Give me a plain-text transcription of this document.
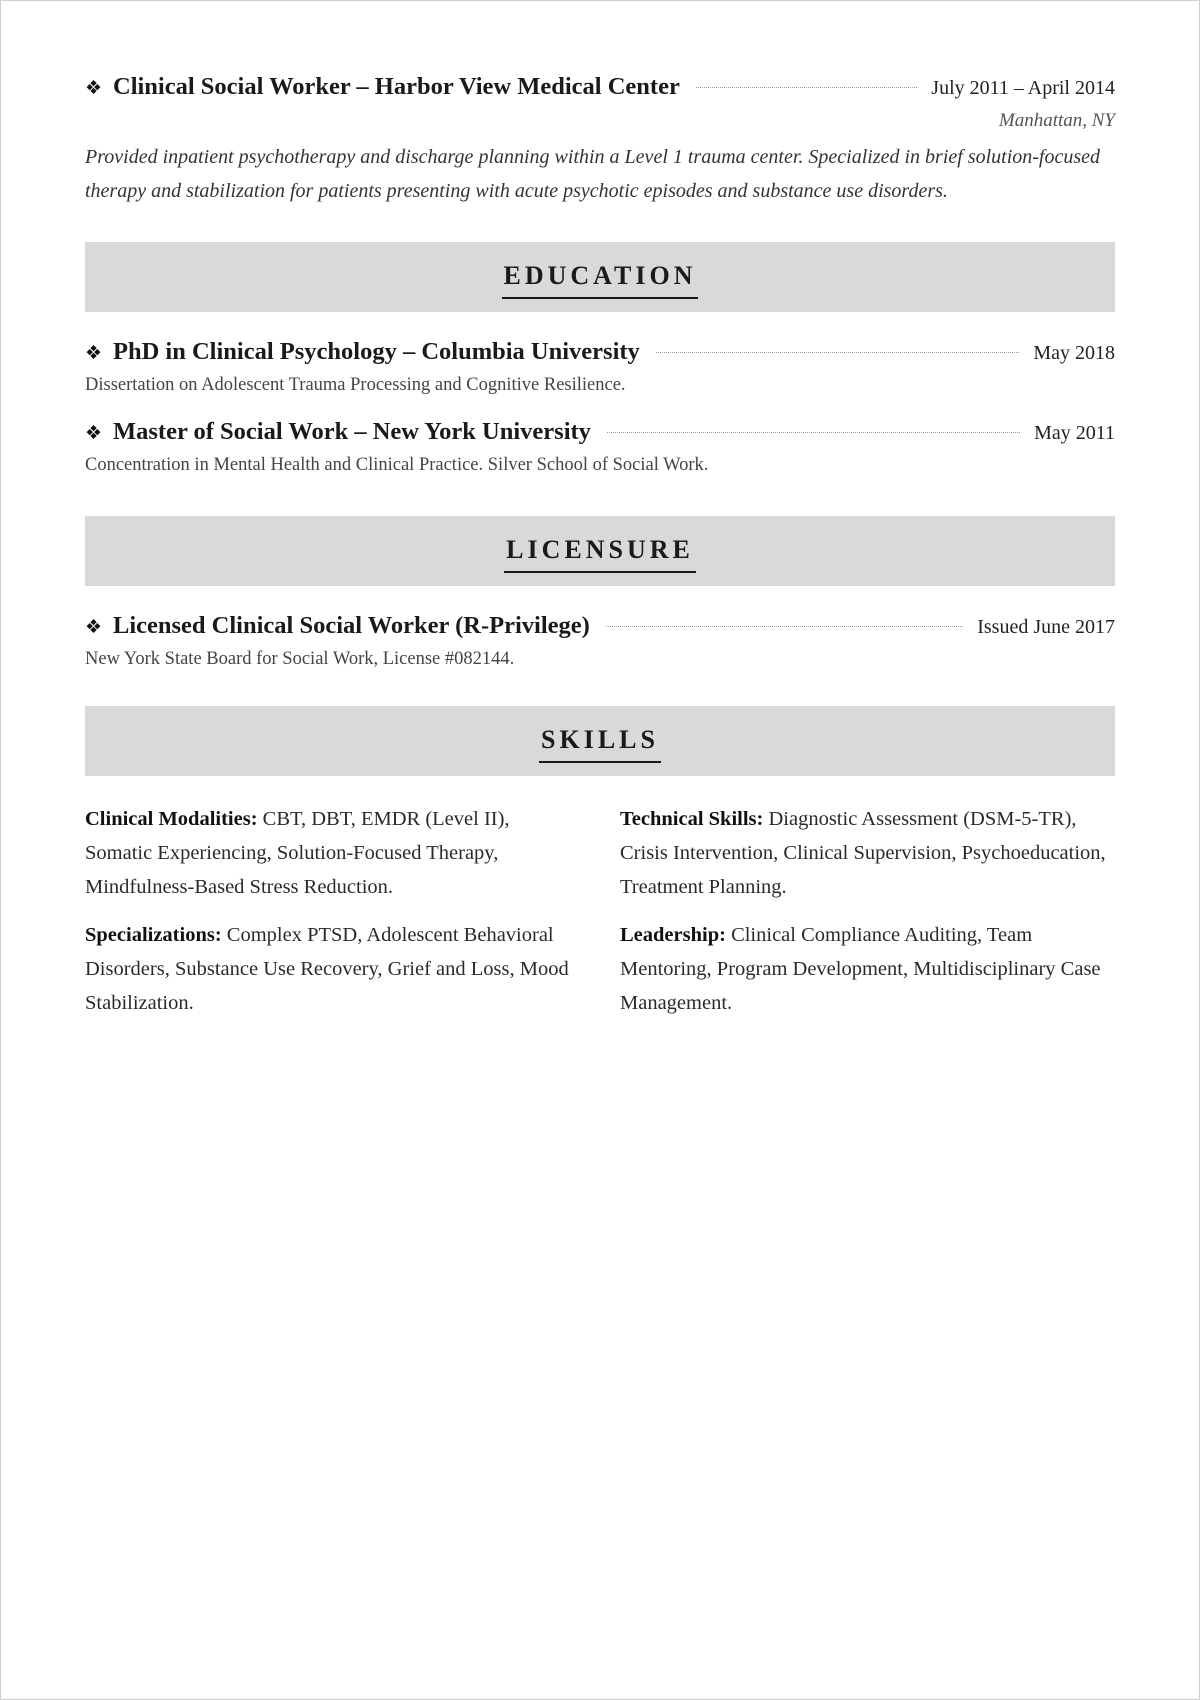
❖ Clinical Social Worker – Harbor View Medical Center	July 2011 – April 2014
Manhattan, NY
Provided inpatient psychotherapy and discharge planning within a Level 1 trauma center. Specialized in brief solution-focused therapy and stabilization for patients presenting with acute psychotic episodes and substance use disorders.
EDUCATION
❖ PhD in Clinical Psychology – Columbia University	May 2018
Dissertation on Adolescent Trauma Processing and Cognitive Resilience.
❖ Master of Social Work – New York University	May 2011
Concentration in Mental Health and Clinical Practice. Silver School of Social Work.
LICENSURE
❖ Licensed Clinical Social Worker (R-Privilege)	Issued June 2017
New York State Board for Social Work, License #082144.
SKILLS
Clinical Modalities: CBT, DBT, EMDR (Level II), Somatic Experiencing, Solution-Focused Therapy, Mindfulness-Based Stress Reduction.
Technical Skills: Diagnostic Assessment (DSM-5-TR), Crisis Intervention, Clinical Supervision, Psychoeducation, Treatment Planning.
Specializations: Complex PTSD, Adolescent Behavioral Disorders, Substance Use Recovery, Grief and Loss, Mood Stabilization.
Leadership: Clinical Compliance Auditing, Team Mentoring, Program Development, Multidisciplinary Case Management.
